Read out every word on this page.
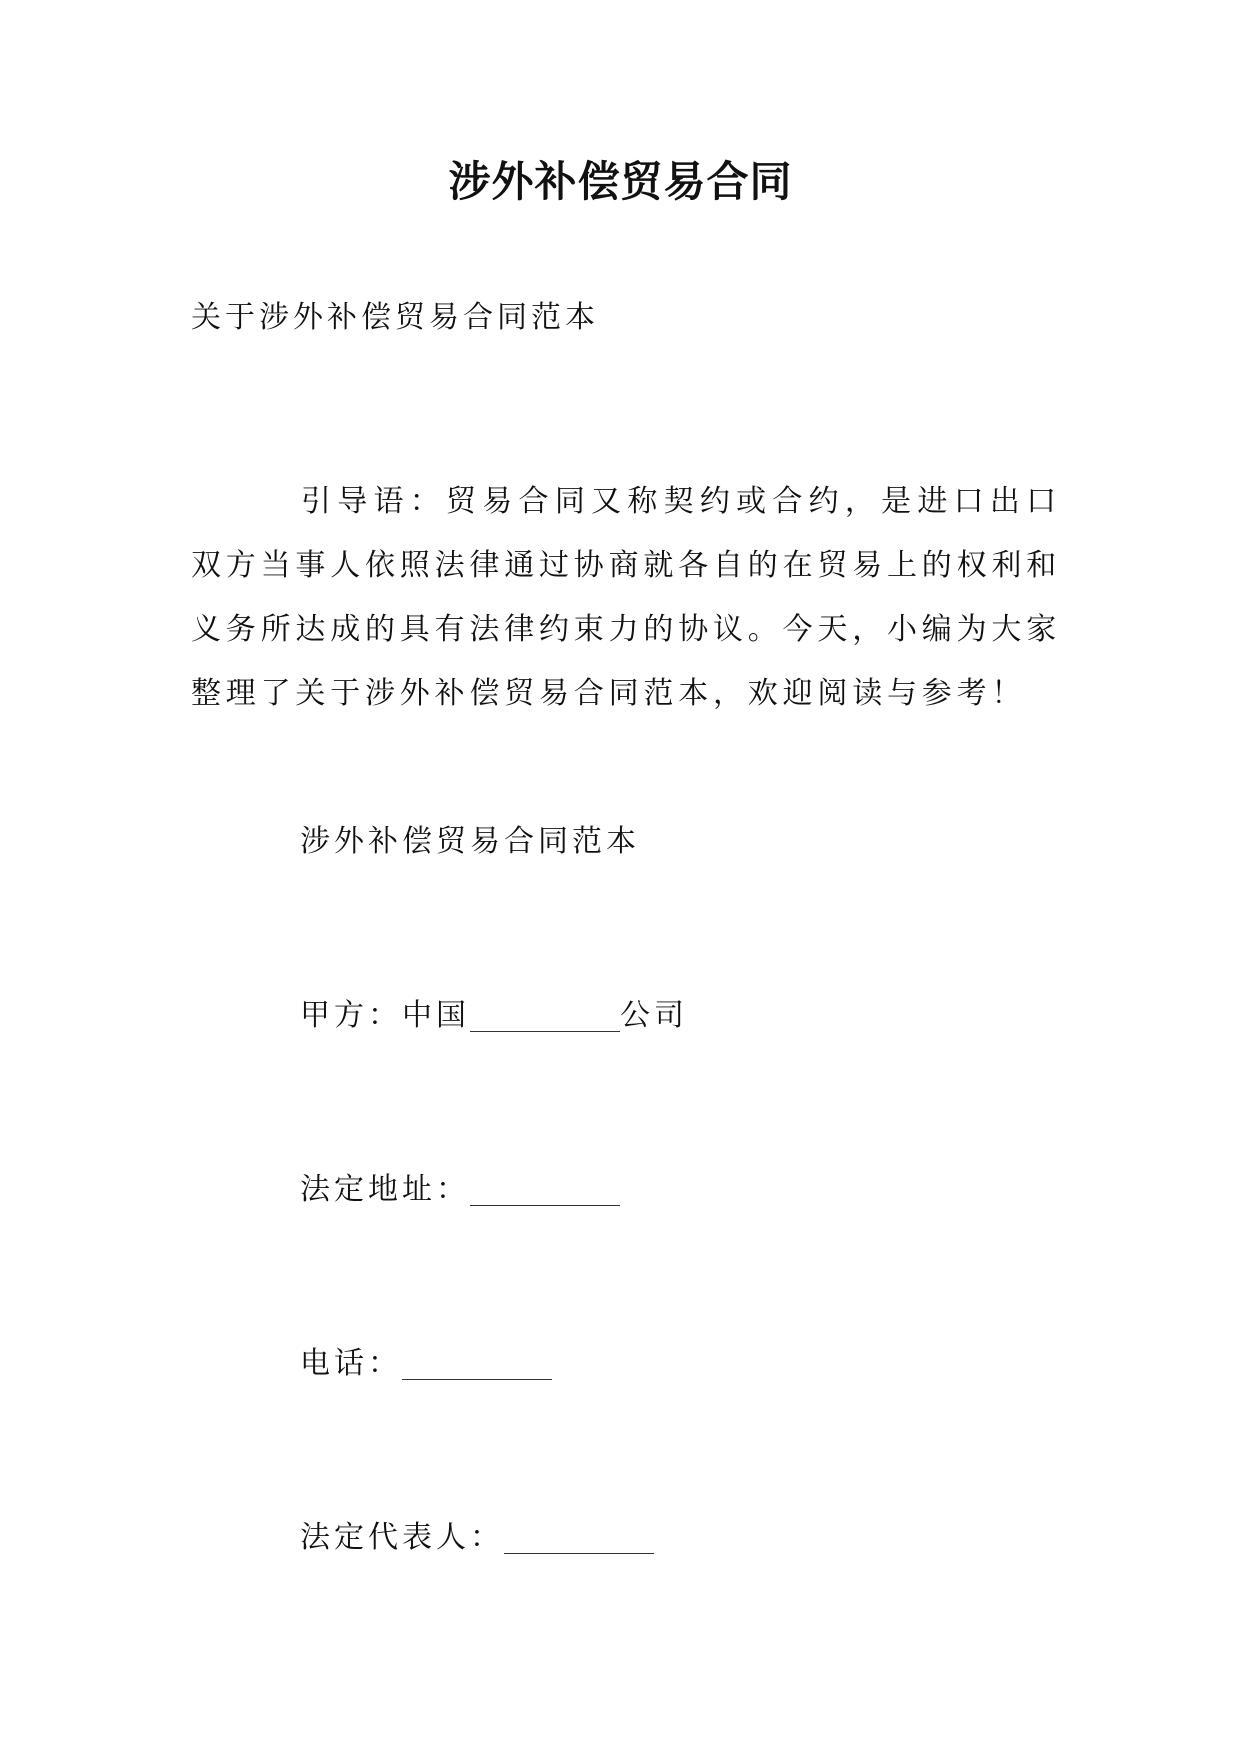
涉外补偿贸易合同
关于涉外补偿贸易合同范本
引导语：贸易合同又称契约或合约，是进口出口双方当事人依照法律通过协商就各自的在贸易上的权利和义务所达成的具有法律约束力的协议。今天，小编为大家整理了关于涉外补偿贸易合同范本，欢迎阅读与参考！
涉外补偿贸易合同范本
甲方：中国	公司
法定地址：
电话：
法定代表人：
